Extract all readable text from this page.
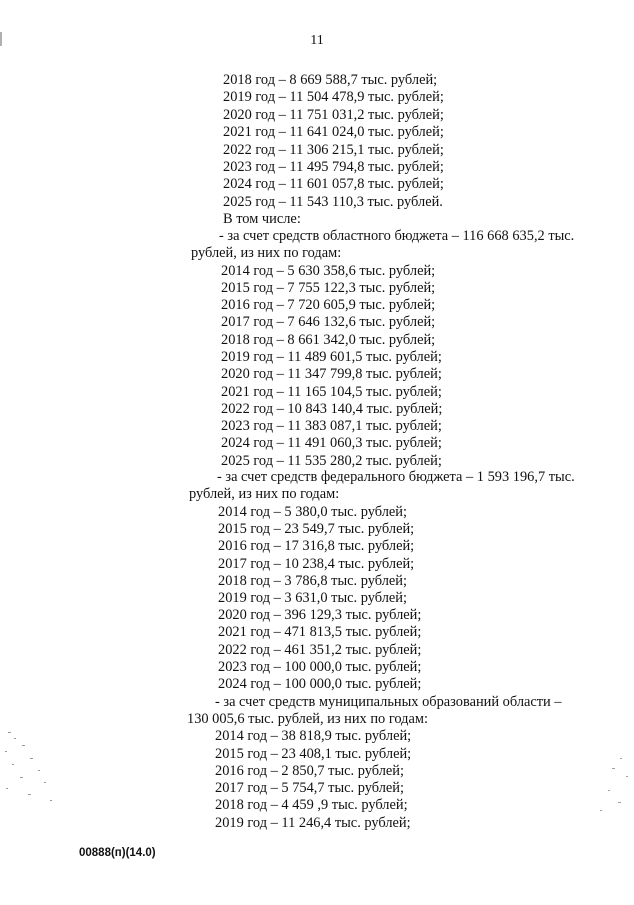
11
2018 год – 8 669 588,7 тыс. рублей;
2019 год – 11 504 478,9 тыс. рублей;
2020 год – 11 751 031,2 тыс. рублей;
2021 год – 11 641 024,0 тыс. рублей;
2022 год – 11 306 215,1 тыс. рублей;
2023 год – 11 495 794,8 тыс. рублей;
2024 год – 11 601 057,8 тыс. рублей;
2025 год – 11 543 110,3 тыс. рублей.
В том числе:
- за счет средств областного бюджета – 116 668 635,2 тыс.
рублей, из них по годам:
2014 год – 5 630 358,6 тыс. рублей;
2015 год – 7 755 122,3 тыс. рублей;
2016 год – 7 720 605,9 тыс. рублей;
2017 год – 7 646 132,6 тыс. рублей;
2018 год – 8 661 342,0 тыс. рублей;
2019 год – 11 489 601,5 тыс. рублей;
2020 год – 11 347 799,8 тыс. рублей;
2021 год – 11 165 104,5 тыс. рублей;
2022 год – 10 843 140,4 тыс. рублей;
2023 год – 11 383 087,1 тыс. рублей;
2024 год – 11 491 060,3 тыс. рублей;
2025 год – 11 535 280,2 тыс. рублей;
- за счет средств федерального бюджета – 1 593 196,7 тыс.
рублей, из них по годам:
2014 год – 5 380,0 тыс. рублей;
2015 год – 23 549,7 тыс. рублей;
2016 год – 17 316,8 тыс. рублей;
2017 год – 10 238,4 тыс. рублей;
2018 год – 3 786,8 тыс. рублей;
2019 год – 3 631,0 тыс. рублей;
2020 год – 396 129,3 тыс. рублей;
2021 год – 471 813,5 тыс. рублей;
2022 год – 461 351,2 тыс. рублей;
2023 год – 100 000,0 тыс. рублей;
2024 год – 100 000,0 тыс. рублей;
- за счет средств муниципальных образований области –
130 005,6 тыс. рублей, из них по годам:
2014 год – 38 818,9 тыс. рублей;
2015 год – 23 408,1 тыс. рублей;
2016 год – 2 850,7 тыс. рублей;
2017 год – 5 754,7 тыс. рублей;
2018 год – 4 459 ,9 тыс. рублей;
2019 год – 11 246,4 тыс. рублей;
00888(п)(14.0)
